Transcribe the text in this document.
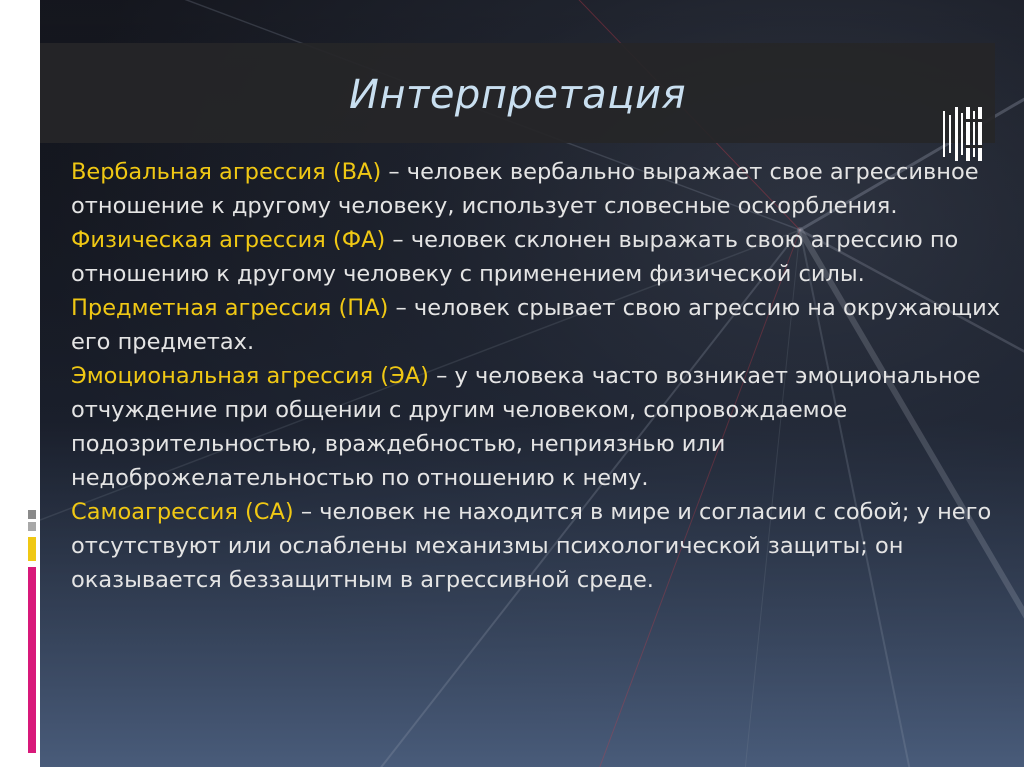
Интерпретация

Вербальная агрессия (ВА) – человек вербально выражает свое агрессивное отношение к другому человеку, использует словесные оскорбления.

Физическая агрессия (ФА) – человек склонен выражать свою агрессию по отношению к другому человеку с применением физической силы.

Предметная агрессия (ПА) – человек срывает свою агрессию на окружающих его предметах.

Эмоциональная агрессия (ЭА) – у человека часто возникает эмоциональное отчуждение при общении с другим человеком, сопровождаемое подозрительностью, враждебностью, неприязнью или недоброжелательностью по отношению к нему.

Самоагрессия (СА) – человек не находится в мире и согласии с собой; у него отсутствуют или ослаблены механизмы психологической защиты; он оказывается беззащитным в агрессивной среде.
